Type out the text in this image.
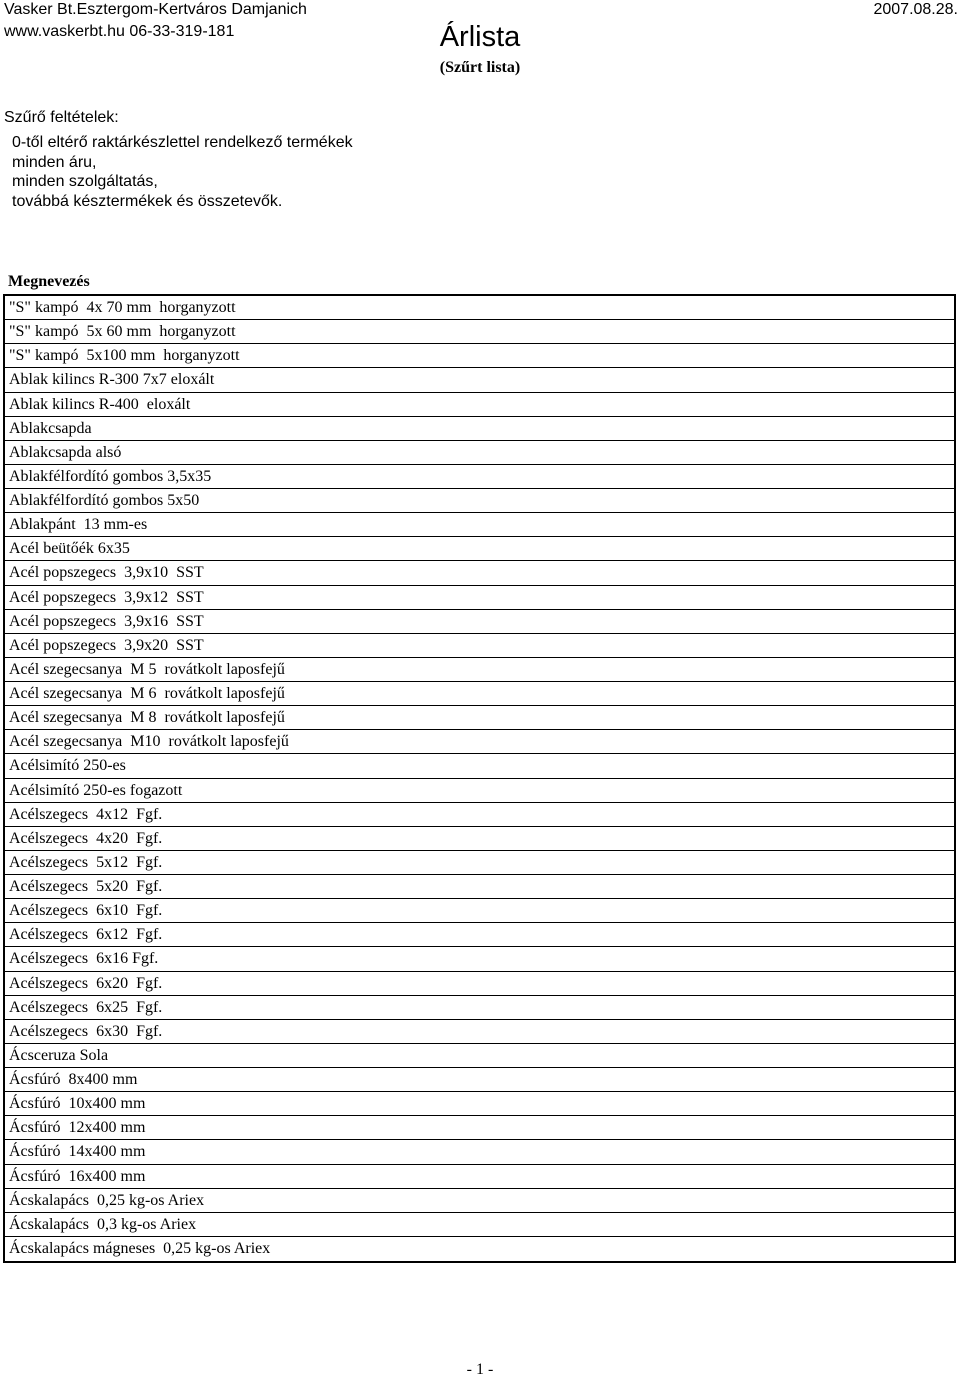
Vasker Bt.Esztergom-Kertváros Damjanich
www.vaskerbt.hu 06-33-319-181
2007.08.28.
Árlista
(Szűrt lista)
Szűrő feltételek:
0-től eltérő raktárkészlettel rendelkező termékek
minden áru,
minden szolgáltatás,
továbbá késztermékek és összetevők.
Megnevezés
"S" kampó  4x 70 mm  horganyzott
"S" kampó  5x 60 mm  horganyzott
"S" kampó  5x100 mm  horganyzott
Ablak kilincs R-300 7x7 eloxált
Ablak kilincs R-400  eloxált
Ablakcsapda
Ablakcsapda alsó
Ablakfélfordító gombos 3,5x35
Ablakfélfordító gombos 5x50
Ablakpánt  13 mm-es
Acél beütőék 6x35
Acél popszegecs  3,9x10  SST
Acél popszegecs  3,9x12  SST
Acél popszegecs  3,9x16  SST
Acél popszegecs  3,9x20  SST
Acél szegecsanya  M 5  rovátkolt laposfejű
Acél szegecsanya  M 6  rovátkolt laposfejű
Acél szegecsanya  M 8  rovátkolt laposfejű
Acél szegecsanya  M10  rovátkolt laposfejű
Acélsimító 250-es
Acélsimító 250-es fogazott
Acélszegecs  4x12  Fgf.
Acélszegecs  4x20  Fgf.
Acélszegecs  5x12  Fgf.
Acélszegecs  5x20  Fgf.
Acélszegecs  6x10  Fgf.
Acélszegecs  6x12  Fgf.
Acélszegecs  6x16 Fgf.
Acélszegecs  6x20  Fgf.
Acélszegecs  6x25  Fgf.
Acélszegecs  6x30  Fgf.
Ácsceruza Sola
Ácsfúró  8x400 mm
Ácsfúró  10x400 mm
Ácsfúró  12x400 mm
Ácsfúró  14x400 mm
Ácsfúró  16x400 mm
Ácskalapács  0,25 kg-os Ariex
Ácskalapács  0,3 kg-os Ariex
Ácskalapács mágneses  0,25 kg-os Ariex
- 1 -
